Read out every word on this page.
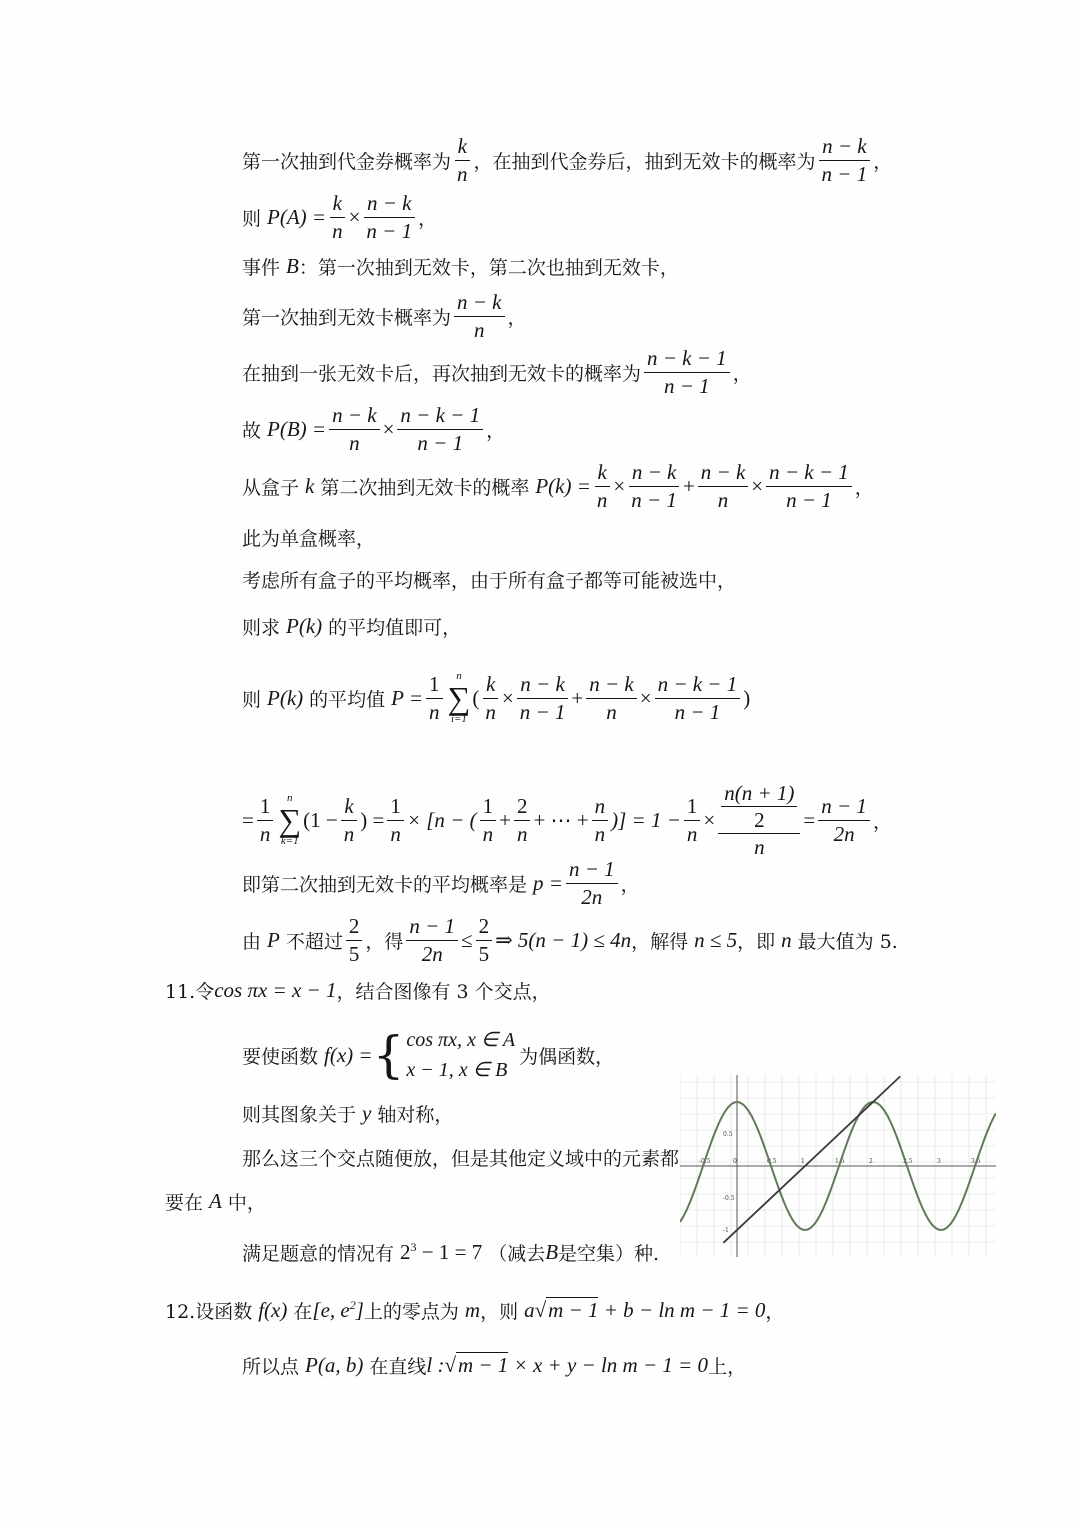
第一次抽到代金券概率为 $\frac{k}{n}$ ，在抽到代金券后，抽到无效卡的概率为 $\frac{n - k}{n - 1}$ ，
则 $P(A) = \frac{k}{n} \times \frac{n - k}{n - 1}$ ，
事件 B ：第一次抽到无效卡，第二次也抽到无效卡，
第一次抽到无效卡概率为 $\frac{n - k}{n}$ ，
在抽到一张无效卡后，再次抽到无效卡的概率为 $\frac{n - k - 1}{n - 1}$ ，
故 $P(B) = \frac{n - k}{n} \times \frac{n - k - 1}{n - 1}$ ，
从盒子 k 第二次抽到无效卡的概率 $P(k) = \frac{k}{n} \times \frac{n - k}{n - 1} + \frac{n - k}{n} \times \frac{n - k - 1}{n - 1}$ ，
此为单盒概率，
考虑所有盒子的平均概率，由于所有盒子都等可能被选中，
则求 P(k) 的平均值即可，
则 P(k) 的平均值 $P = \frac{1}{n}$ n
∑
i=1
( $\frac{k}{n} \times \frac{n - k}{n - 1} + \frac{n - k}{n} \times \frac{n - k - 1}{n - 1}$ )
= $\frac{1}{n}$ n
∑
k=1
($1 - \frac{k}{n}$ ) = $\frac{1}{n} \times [n$ − ( $\frac{1}{n} + \frac{2}{n}$ + ⋯ + $\frac{n}{n}$ )] = $1 - \frac{1}{n} \times \frac{\frac{n(n + 1)}{2}}{n} = \frac{n - 1}{2n}$ ，
即第二次抽到无效卡的平均概率是 $p = \frac{n - 1}{2n}$ ，
由 P 不超过 $\frac{2}{5}$ ，得 $\frac{n - 1}{2n} \le \frac{2}{5}$ ⇒ 5(n − 1) ≤ 4n ，解得 n ≤ 5 ，即 n 最大值为 5.
11.令 cos πx = x − 1 ，结合图像有 3 个交点，
要使函数 f(x) = { cos πx, x ∈ A
x − 1, x ∈ B
为偶函数，
则其图象关于 y 轴对称，
那么这三个交点随便放，但是其他定义域中的元素都
要在 A 中，
满足题意的情况有 $2^3 - 1 = 7$ （减去 B 是空集）种.
12.设函数 f(x) 在 [e, $e^2$] 上的零点为 m ，则 a√m − 1 + b − ln m − 1 = 0 ，
所以点 P(a, b) 在直线 l :√m − 1 × x + y − ln m − 1 = 0 上，
-0.5	0	0.5	1	1.5	2	2.5	3	3.5
0.5
-0.5
-1
